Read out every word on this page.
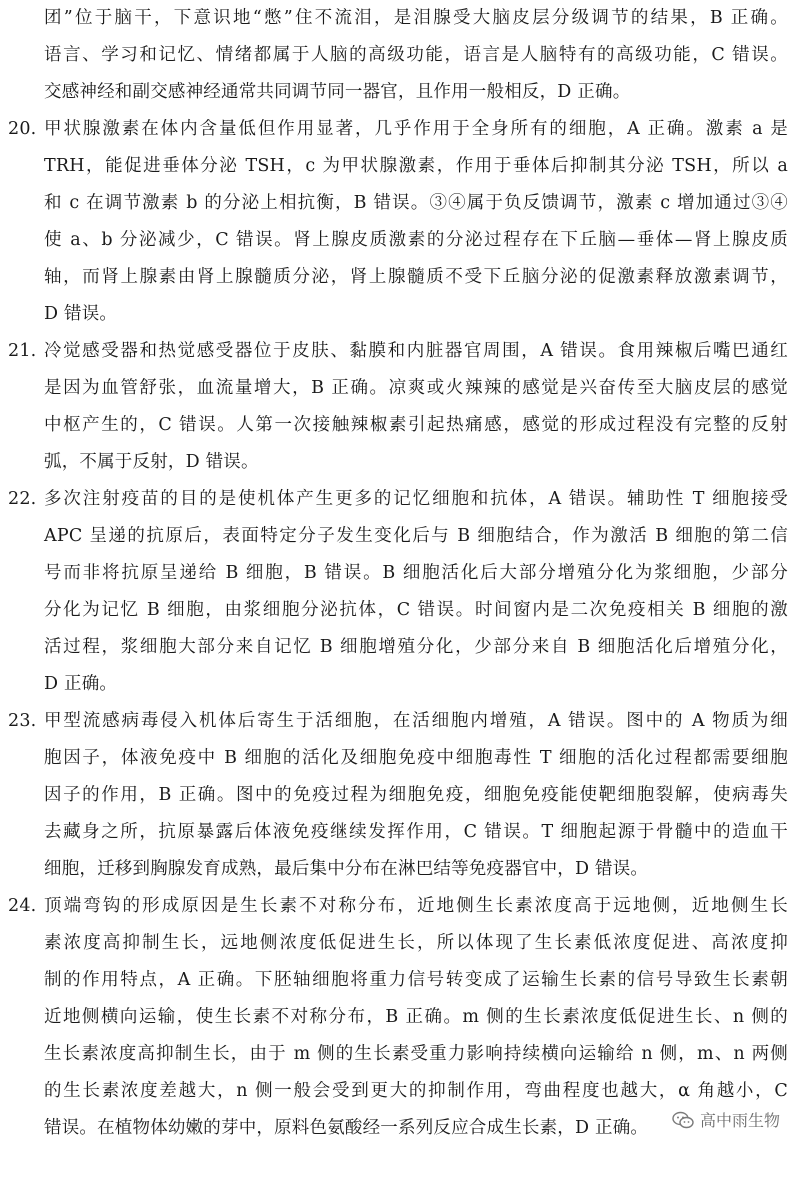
团”位于脑干，下意识地“憋”住不流泪，是泪腺受大脑皮层分级调节的结果，B 正确。
语言、学习和记忆、情绪都属于人脑的高级功能，语言是人脑特有的高级功能，C 错误。
交感神经和副交感神经通常共同调节同一器官，且作用一般相反，D 正确。
20. 甲状腺激素在体内含量低但作用显著，几乎作用于全身所有的细胞，A 正确。激素 a 是
TRH，能促进垂体分泌 TSH，c 为甲状腺激素，作用于垂体后抑制其分泌 TSH，所以 a
和 c 在调节激素 b 的分泌上相抗衡，B 错误。③④属于负反馈调节，激素 c 增加通过③④
使 a、b 分泌减少，C 错误。肾上腺皮质激素的分泌过程存在下丘脑—垂体—肾上腺皮质
轴，而肾上腺素由肾上腺髓质分泌，肾上腺髓质不受下丘脑分泌的促激素释放激素调节，
D 错误。
21. 冷觉感受器和热觉感受器位于皮肤、黏膜和内脏器官周围，A 错误。食用辣椒后嘴巴通红
是因为血管舒张，血流量增大，B 正确。凉爽或火辣辣的感觉是兴奋传至大脑皮层的感觉
中枢产生的，C 错误。人第一次接触辣椒素引起热痛感，感觉的形成过程没有完整的反射
弧，不属于反射，D 错误。
22. 多次注射疫苗的目的是使机体产生更多的记忆细胞和抗体，A 错误。辅助性 T 细胞接受
APC 呈递的抗原后，表面特定分子发生变化后与 B 细胞结合，作为激活 B 细胞的第二信
号而非将抗原呈递给 B 细胞，B 错误。B 细胞活化后大部分增殖分化为浆细胞，少部分
分化为记忆 B 细胞，由浆细胞分泌抗体，C 错误。时间窗内是二次免疫相关 B 细胞的激
活过程，浆细胞大部分来自记忆 B 细胞增殖分化，少部分来自 B 细胞活化后增殖分化，
D 正确。
23. 甲型流感病毒侵入机体后寄生于活细胞，在活细胞内增殖，A 错误。图中的 A 物质为细
胞因子，体液免疫中 B 细胞的活化及细胞免疫中细胞毒性 T 细胞的活化过程都需要细胞
因子的作用，B 正确。图中的免疫过程为细胞免疫，细胞免疫能使靶细胞裂解，使病毒失
去藏身之所，抗原暴露后体液免疫继续发挥作用，C 错误。T 细胞起源于骨髓中的造血干
细胞，迁移到胸腺发育成熟，最后集中分布在淋巴结等免疫器官中，D 错误。
24. 顶端弯钩的形成原因是生长素不对称分布，近地侧生长素浓度高于远地侧，近地侧生长
素浓度高抑制生长，远地侧浓度低促进生长，所以体现了生长素低浓度促进、高浓度抑
制的作用特点，A 正确。下胚轴细胞将重力信号转变成了运输生长素的信号导致生长素朝
近地侧横向运输，使生长素不对称分布，B 正确。m 侧的生长素浓度低促进生长、n 侧的
生长素浓度高抑制生长，由于 m 侧的生长素受重力影响持续横向运输给 n 侧，m、n 两侧
的生长素浓度差越大，n 侧一般会受到更大的抑制作用，弯曲程度也越大，α 角越小，C
错误。在植物体幼嫩的芽中，原料色氨酸经一系列反应合成生长素，D 正确。	高中雨生物
